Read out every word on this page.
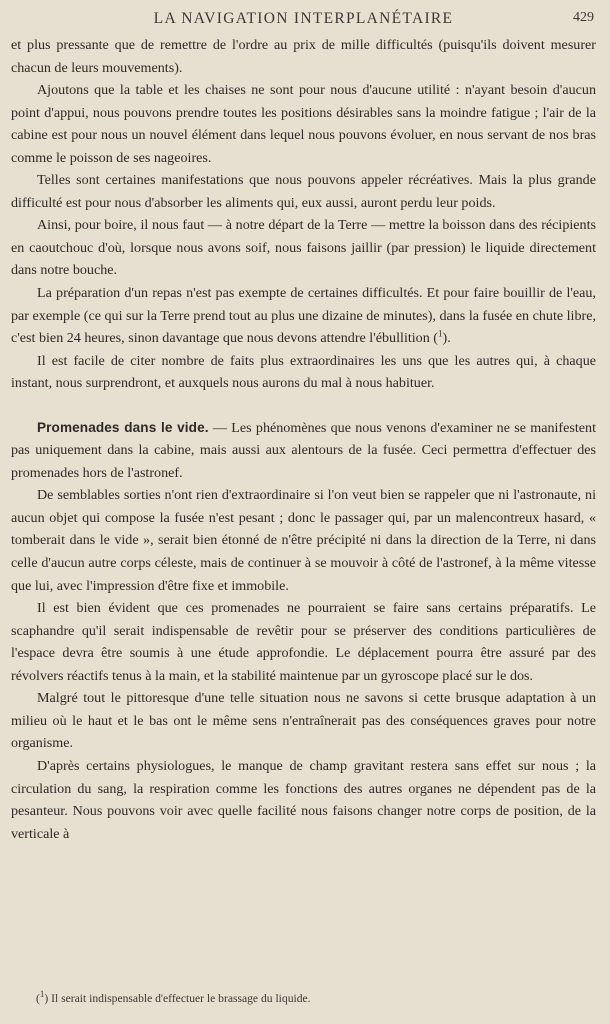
LA NAVIGATION INTERPLANÉTAIRE	429

et plus pressante que de remettre de l'ordre au prix de mille difficultés (puisqu'ils doivent mesurer chacun de leurs mouvements).

Ajoutons que la table et les chaises ne sont pour nous d'aucune utilité : n'ayant besoin d'aucun point d'appui, nous pouvons prendre toutes les positions désirables sans la moindre fatigue ; l'air de la cabine est pour nous un nouvel élément dans lequel nous pouvons évoluer, en nous servant de nos bras comme le poisson de ses nageoires.

Telles sont certaines manifestations que nous pouvons appeler récréatives. Mais la plus grande difficulté est pour nous d'absorber les aliments qui, eux aussi, auront perdu leur poids.

Ainsi, pour boire, il nous faut — à notre départ de la Terre — mettre la boisson dans des récipients en caoutchouc d'où, lorsque nous avons soif, nous faisons jaillir (par pression) le liquide directement dans notre bouche.

La préparation d'un repas n'est pas exempte de certaines difficultés. Et pour faire bouillir de l'eau, par exemple (ce qui sur la Terre prend tout au plus une dizaine de minutes), dans la fusée en chute libre, c'est bien 24 heures, sinon davantage que nous devons attendre l'ébullition ($^1$).

Il est facile de citer nombre de faits plus extraordinaires les uns que les autres qui, à chaque instant, nous surprendront, et auxquels nous aurons du mal à nous habituer.

Promenades dans le vide. — Les phénomènes que nous venons d'examiner ne se manifestent pas uniquement dans la cabine, mais aussi aux alentours de la fusée. Ceci permettra d'effectuer des promenades hors de l'astronef.

De semblables sorties n'ont rien d'extraordinaire si l'on veut bien se rappeler que ni l'astronaute, ni aucun objet qui compose la fusée n'est pesant ; donc le passager qui, par un malencontreux hasard, « tomberait dans le vide », serait bien étonné de n'être précipité ni dans la direction de la Terre, ni dans celle d'aucun autre corps céleste, mais de continuer à se mouvoir à côté de l'astronef, à la même vitesse que lui, avec l'impression d'être fixe et immobile.

Il est bien évident que ces promenades ne pourraient se faire sans certains préparatifs. Le scaphandre qu'il serait indispensable de revêtir pour se préserver des conditions particulières de l'espace devra être soumis à une étude approfondie. Le déplacement pourra être assuré par des révolvers réactifs tenus à la main, et la stabilité maintenue par un gyroscope placé sur le dos.

Malgré tout le pittoresque d'une telle situation nous ne savons si cette brusque adaptation à un milieu où le haut et le bas ont le même sens n'entraînerait pas des conséquences graves pour notre organisme.

D'après certains physiologues, le manque de champ gravitant restera sans effet sur nous ; la circulation du sang, la respiration comme les fonctions des autres organes ne dépendent pas de la pesanteur. Nous pouvons voir avec quelle facilité nous faisons changer notre corps de position, de la verticale à

($^1$) Il serait indispensable d'effectuer le brassage du liquide.
